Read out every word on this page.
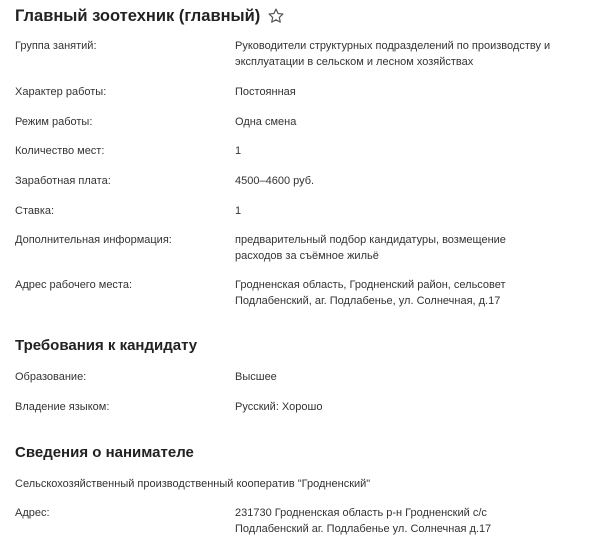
Главный зоотехник (главный)
Группа занятий:	Руководители структурных подразделений по производству и
эксплуатации в сельском и лесном хозяйствах
Характер работы:	Постоянная
Режим работы:	Одна смена
Количество мест:	1
Заработная плата:	4500–4600 руб.
Ставка:	1
Дополнительная информация:	предварительный подбор кандидатуры, возмещение
расходов за съёмное жильё
Адрес рабочего места:	Гродненская область, Гродненский район, сельсовет
Подлабенский, аг. Подлабенье, ул. Солнечная, д.17
Требования к кандидату
Образование:	Высшее
Владение языком:	Русский: Хорошо
Сведения о нанимателе
Сельскохозяйственный производственный кооператив "Гродненский"
Адрес:	231730 Гродненская область р-н Гродненский с/с
Подлабенский аг. Подлабенье ул. Солнечная д.17
